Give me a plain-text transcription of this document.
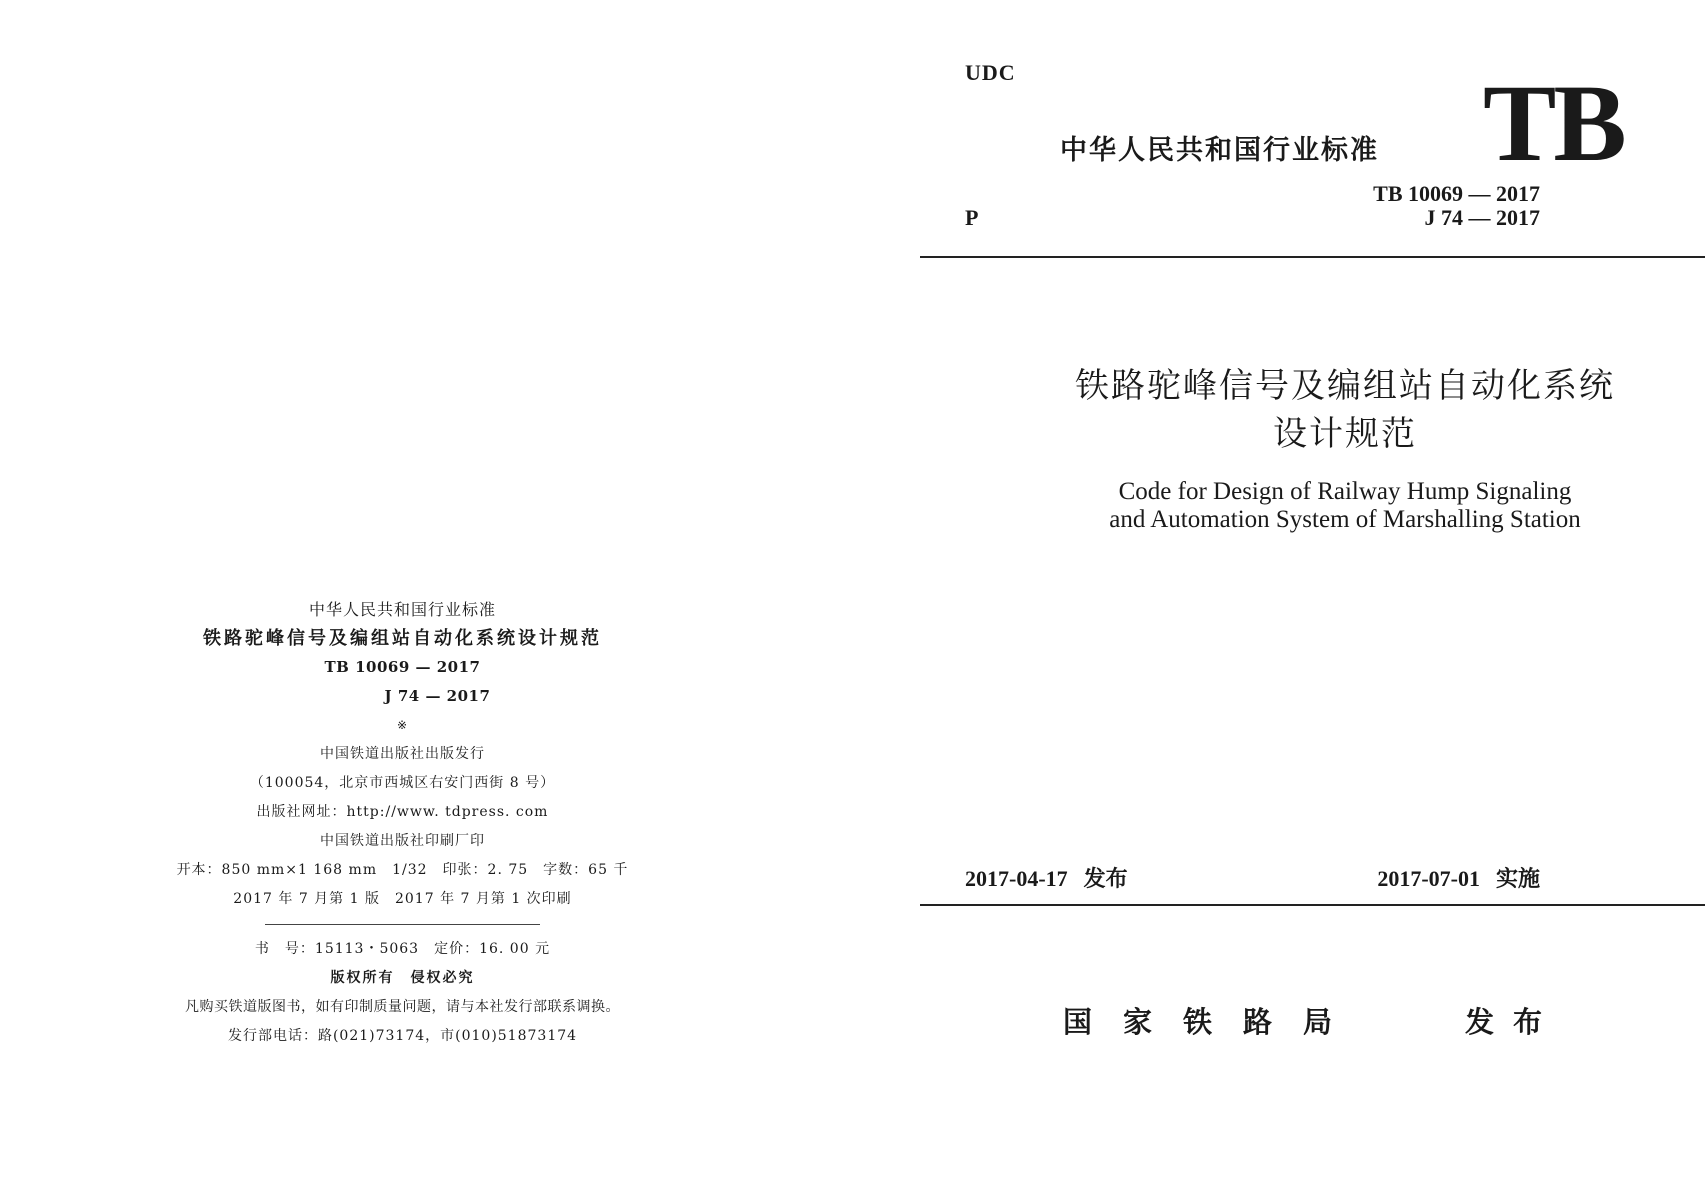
中华人民共和国行业标准
铁路驼峰信号及编组站自动化系统设计规范
TB 10069 — 2017
J 74 — 2017
※
中国铁道出版社出版发行
（100054，北京市西城区右安门西街 8 号）
出版社网址：http://www. tdpress. com
中国铁道出版社印刷厂印
开本：850 mm×1 168 mm　1/32　印张：2. 75　字数：65 千
2017 年 7 月第 1 版　2017 年 7 月第 1 次印刷
书　号：15113・5063　定价：16. 00 元
版权所有　侵权必究
凡购买铁道版图书，如有印制质量问题，请与本社发行部联系调换。
发行部电话：路(021)73174，市(010)51873174
UDC
中华人民共和国行业标准 TB
P
TB 10069 — 2017
J 74 — 2017
铁路驼峰信号及编组站自动化系统
设计规范
Code for Design of Railway Hump Signaling
and Automation System of Marshalling Station
2017-04-17 发布	2017-07-01 实施
国家铁路局	发布
